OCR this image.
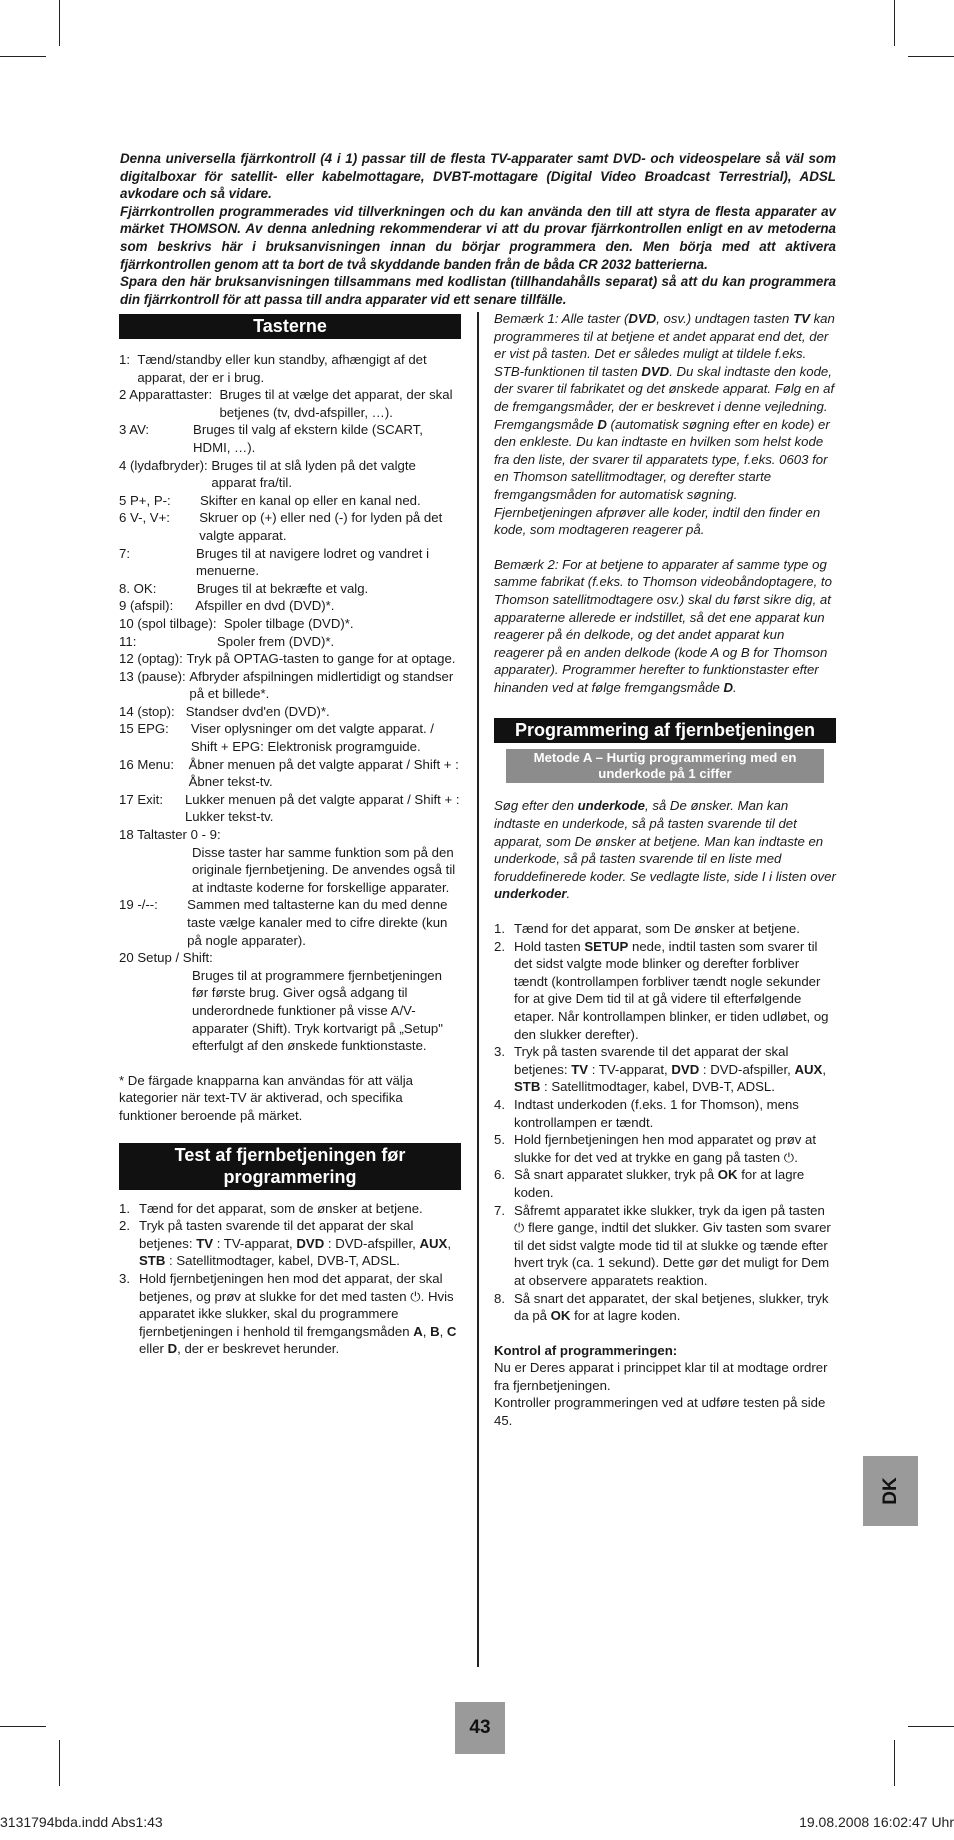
Denna universella fjärrkontroll (4 i 1) passar till de flesta TV-apparater samt DVD- och videospelare så väl som digitalboxar för satellit- eller kabelmottagare, DVBT-mottagare (Digital Video Broadcast Terrestrial), ADSL avkodare och så vidare.

Fjärrkontrollen programmerades vid tillverkningen och du kan använda den till att styra de flesta apparater av märket THOMSON. Av denna anledning rekommenderar vi att du provar fjärrkontrollen enligt en av metoderna som beskrivs här i bruksanvisningen innan du börjar programmera den. Men börja med att aktivera fjärrkontrollen genom att ta bort de två skyddande banden från de båda CR 2032 batterierna.

Spara den här bruksanvisningen tillsammans med kodlistan (tillhandahålls separat) så att du kan programmera din fjärrkontroll för att passa till andra apparater vid ett senare tillfälle.

Tasterne
1: Tænd/standby eller kun standby, afhængigt af det apparat, der er i brug.
2 Apparattaster: Bruges til at vælge det apparat, der skal betjenes (tv, dvd-afspiller, …).
3 AV: Bruges til valg af ekstern kilde (SCART, HDMI, …).
4 (lydafbryder): Bruges til at slå lyden på det valgte apparat fra/til.
5 P+, P-: Skifter en kanal op eller en kanal ned.
6 V-, V+: Skruer op (+) eller ned (-) for lyden på det valgte apparat.
7: Bruges til at navigere lodret og vandret i menuerne.
8. OK: Bruges til at bekræfte et valg.
9 (afspil): Afspiller en dvd (DVD)*.
10 (spol tilbage): Spoler tilbage (DVD)*.
11: Spoler frem (DVD)*.
12 (optag): Tryk på OPTAG-tasten to gange for at optage.
13 (pause): Afbryder afspilningen midlertidigt og standser på et billede*.
14 (stop): Standser dvd'en (DVD)*.
15 EPG: Viser oplysninger om det valgte apparat. / Shift + EPG: Elektronisk programguide.
16 Menu: Åbner menuen på det valgte apparat / Shift + : Åbner tekst-tv.
17 Exit: Lukker menuen på det valgte apparat / Shift + : Lukker tekst-tv.
18 Taltaster 0 - 9:
Disse taster har samme funktion som på den originale fjernbetjening. De anvendes også til at indtaste koderne for forskellige apparater.
19 -/--: Sammen med taltasterne kan du med denne taste vælge kanaler med to cifre direkte (kun på nogle apparater).
20 Setup / Shift:
Bruges til at programmere fjernbetjeningen før første brug. Giver også adgang til underordnede funktioner på visse A/V-apparater (Shift). Tryk kortvarigt på „Setup" efterfulgt af den ønskede funktionstaste.
* De färgade knapparna kan användas för att välja kategorier när text-TV är aktiverad, och specifika funktioner beroende på märket.
Test af fjernbetjeningen før programmering
1. Tænd for det apparat, som de ønsker at betjene.
2. Tryk på tasten svarende til det apparat der skal betjenes: TV : TV-apparat, DVD : DVD-afspiller, AUX, STB : Satellitmodtager, kabel, DVB-T, ADSL.
3. Hold fjernbetjeningen hen mod det apparat, der skal betjenes, og prøv at slukke for det med tasten ⏻. Hvis apparatet ikke slukker, skal du programmere fjernbetjeningen i henhold til fremgangsmåden A, B, C eller D, der er beskrevet herunder.
Bemærk 1: Alle taster (DVD, osv.) undtagen tasten TV kan programmeres til at betjene et andet apparat end det, der er vist på tasten. Det er således muligt at tildele f.eks. STB-funktionen til tasten DVD. Du skal indtaste den kode, der svarer til fabrikatet og det ønskede apparat. Følg en af de fremgangsmåder, der er beskrevet i denne vejledning. Fremgangsmåde D (automatisk søgning efter en kode) er den enkleste. Du kan indtaste en hvilken som helst kode fra den liste, der svarer til apparatets type, f.eks. 0603 for en Thomson satellitmodtager, og derefter starte fremgangsmåden for automatisk søgning. Fjernbetjeningen afprøver alle koder, indtil den finder en kode, som modtageren reagerer på.
Bemærk 2: For at betjene to apparater af samme type og samme fabrikat (f.eks. to Thomson videobåndoptagere, to Thomson satellitmodtagere osv.) skal du først sikre dig, at apparaterne allerede er indstillet, så det ene apparat kun reagerer på én delkode, og det andet apparat kun reagerer på en anden delkode (kode A og B for Thomson apparater). Programmer herefter to funktionstaster efter hinanden ved at følge fremgangsmåde D.
Programmering af fjernbetjeningen
Metode A – Hurtig programmering med en underkode på 1 ciffer
Søg efter den underkode, så De ønsker. Man kan indtaste en underkode, så på tasten svarende til det apparat, som De ønsker at betjene. Man kan indtaste en underkode, så på tasten svarende til en liste med foruddefinerede koder. Se vedlagte liste, side I i listen over underkoder.
1. Tænd for det apparat, som De ønsker at betjene.
2. Hold tasten SETUP nede, indtil tasten som svarer til det sidst valgte mode blinker og derefter forbliver tændt (kontrollampen forbliver tændt nogle sekunder for at give Dem tid til at gå videre til efterfølgende etaper. Når kontrollampen blinker, er tiden udløbet, og den slukker derefter).
3. Tryk på tasten svarende til det apparat der skal betjenes: TV : TV-apparat, DVD : DVD-afspiller, AUX, STB : Satellitmodtager, kabel, DVB-T, ADSL.
4. Indtast underkoden (f.eks. 1 for Thomson), mens kontrollampen er tændt.
5. Hold fjernbetjeningen hen mod apparatet og prøv at slukke for det ved at trykke en gang på tasten ⏻.
6. Så snart apparatet slukker, tryk på OK for at lagre koden.
7. Såfremt apparatet ikke slukker, tryk da igen på tasten ⏻ flere gange, indtil det slukker. Giv tasten som svarer til det sidst valgte mode tid til at slukke og tænde efter hvert tryk (ca. 1 sekund). Dette gør det muligt for Dem at observere apparatets reaktion.
8. Så snart det apparatet, der skal betjenes, slukker, tryk da på OK for at lagre koden.
Kontrol af programmeringen:
Nu er Deres apparat i princippet klar til at modtage ordrer fra fjernbetjeningen.
Kontroller programmeringen ved at udføre testen på side 45.
43
DK
3131794bda.indd Abs1:43	19.08.2008 16:02:47 Uhr
